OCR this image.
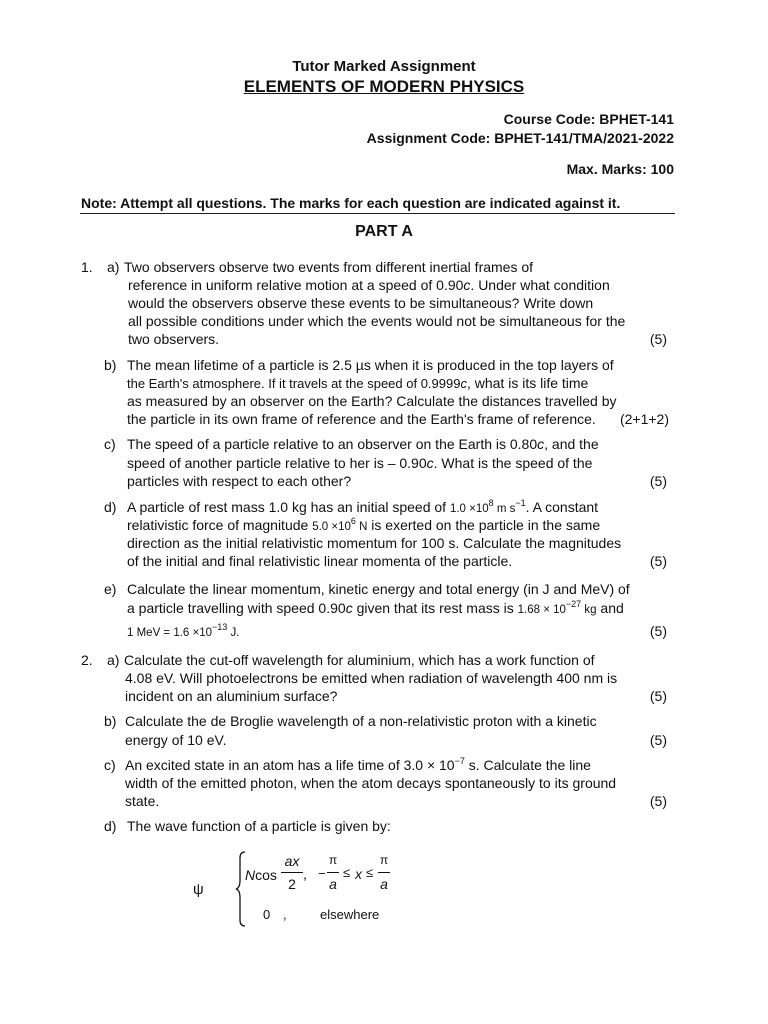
Tutor Marked Assignment
ELEMENTS OF MODERN PHYSICS
Course Code: BPHET-141
Assignment Code: BPHET-141/TMA/2021-2022
Max. Marks: 100
Note: Attempt all questions. The marks for each question are indicated against it.
PART A
1. a) Two observers observe two events from different inertial frames of
reference in uniform relative motion at a speed of 0.90c. Under what condition
would the observers observe these events to be simultaneous? Write down
all possible conditions under which the events would not be simultaneous for the
two observers.	(5)
b) The mean lifetime of a particle is 2.5 µs when it is produced in the top layers of
the Earth's atmosphere. If it travels at the speed of 0.9999c, what is its life time
as measured by an observer on the Earth? Calculate the distances travelled by
the particle in its own frame of reference and the Earth's frame of reference. (2+1+2)
c) The speed of a particle relative to an observer on the Earth is 0.80c, and the
speed of another particle relative to her is – 0.90c. What is the speed of the
particles with respect to each other?	(5)
d) A particle of rest mass 1.0 kg has an initial speed of $1.0 \times 10^8$ m $s^{-1}$. A constant
relativistic force of magnitude $5.0 \times 10^6$ N is exerted on the particle in the same
direction as the initial relativistic momentum for 100 s. Calculate the magnitudes
of the initial and final relativistic linear momenta of the particle.	(5)
e) Calculate the linear momentum, kinetic energy and total energy (in J and MeV) of
a particle travelling with speed 0.90c given that its rest mass is $1.68 \times 10^{-27}$ kg and
1 MeV = $1.6 \times 10^{-13}$ J.	(5)
2. a) Calculate the cut-off wavelength for aluminium, which has a work function of
4.08 eV. Will photoelectrons be emitted when radiation of wavelength 400 nm is
incident on an aluminium surface?	(5)
b) Calculate the de Broglie wavelength of a non-relativistic proton with a kinetic
energy of 10 eV.	(5)
c) An excited state in an atom has a life time of $3.0 \times 10^{-7}$ s. Calculate the line
width of the emitted photon, when the atom decays spontaneously to its ground
state.	(5)
d) The wave function of a particle is given by:
ψ
Ncos
ax
2
, −
π
a
≤ x ≤
π
a
0 ,	elsewhere
